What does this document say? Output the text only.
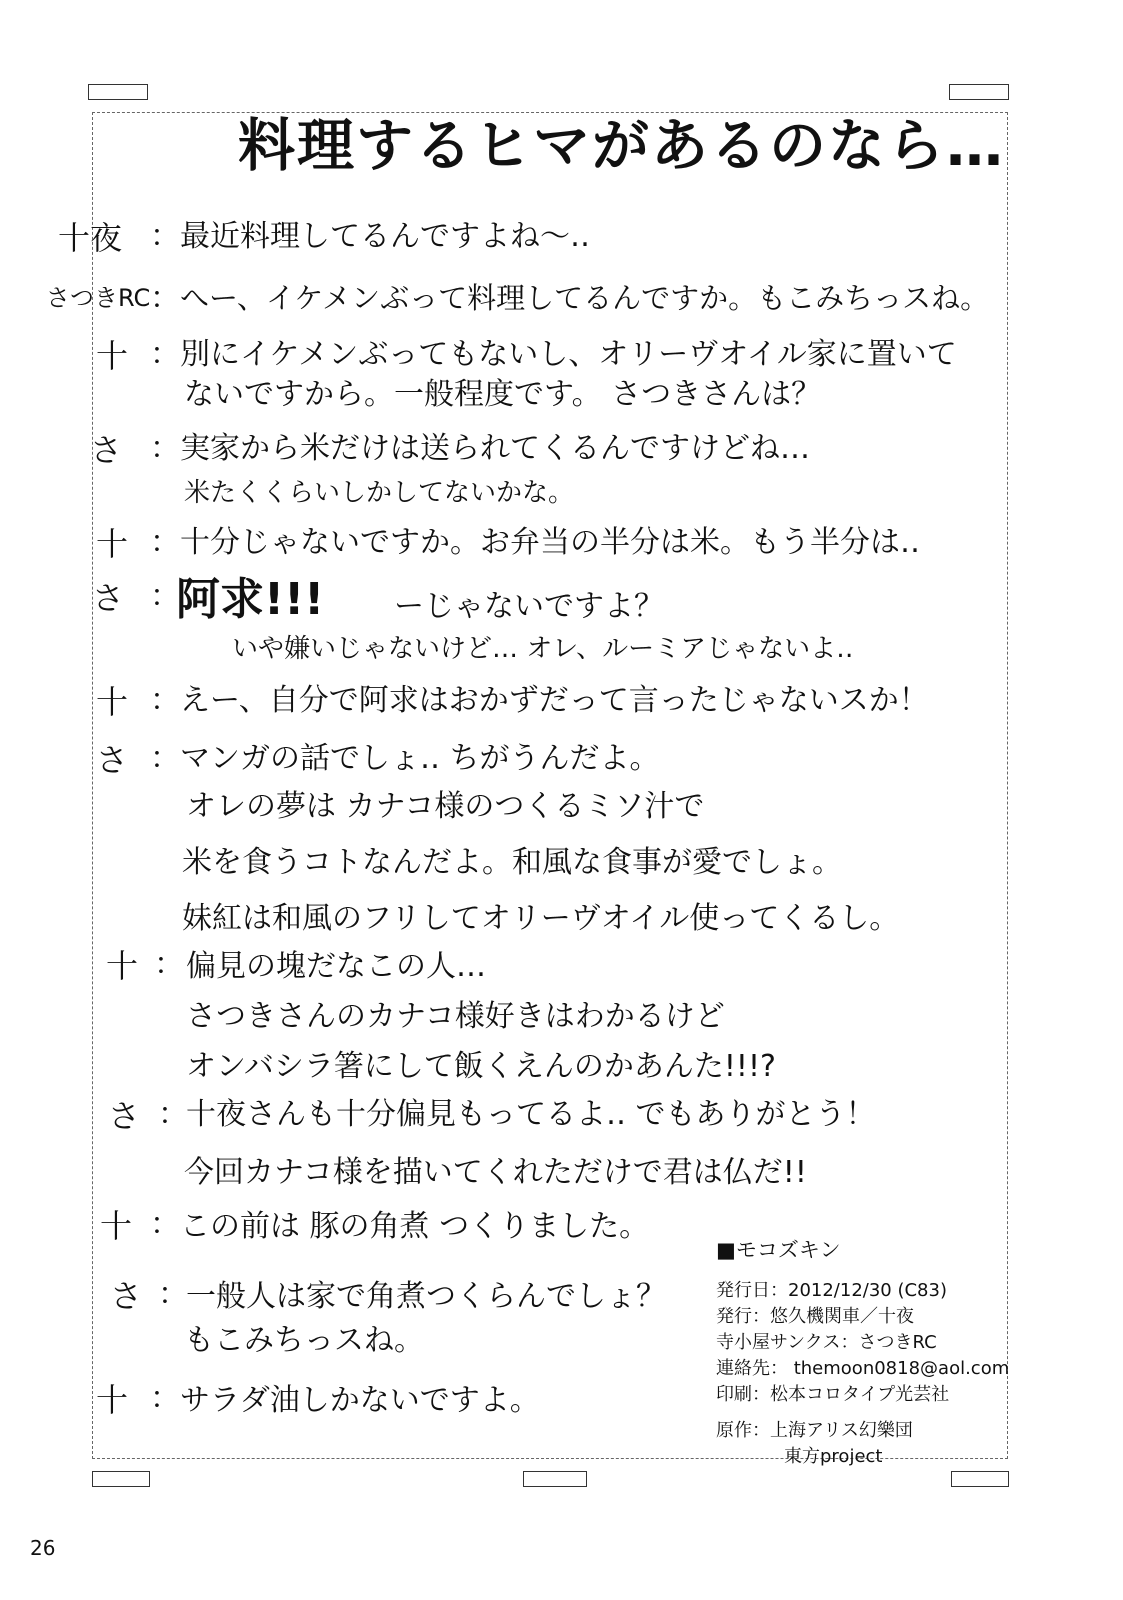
料理するヒマがあるのなら…
十夜 ： 最近料理してるんですよね～‥
さつきRC ： へー、イケメンぶって料理してるんですか。もこみちっスね。
十 ： 別にイケメンぶってもないし、オリーヴオイル家に置いて
ないですから。一般程度です。 さつきさんは？
さ ： 実家から米だけは送られてくるんですけどね…
米たくくらいしかしてないかな。
十 ： 十分じゃないですか。お弁当の半分は米。もう半分は‥
さ ：
阿求!!! ーじゃないですよ？
いや嫌いじゃないけど… オレ、ルーミアじゃないよ‥
十 ： えー、自分で阿求はおかずだって言ったじゃないスか！
さ ： マンガの話でしょ‥ ちがうんだよ。
オレの夢は カナコ様のつくるミソ汁で
米を食うコトなんだよ。和風な食事が愛でしょ。
妹紅は和風のフリしてオリーヴオイル使ってくるし。
十 ： 偏見の塊だなこの人…
さつきさんのカナコ様好きはわかるけど
オンバシラ箸にして飯くえんのかあんた!!!?
さ ：
十夜さんも十分偏見もってるよ‥ でもありがとう！
今回カナコ様を描いてくれただけで君は仏だ!!
十 ： この前は 豚の角煮 つくりました。
さ ：
一般人は家で角煮つくらんでしょ？
もこみちっスね。
十 ： サラダ油しかないですよ。
■モコズキン
発行日：2012/12/30 (C83)
発行：悠久機関車／十夜
寺小屋サンクス：さつきRC
連絡先： themoon0818@aol.com
印刷：松本コロタイプ光芸社
原作：上海アリス幻樂団
東方project
26
